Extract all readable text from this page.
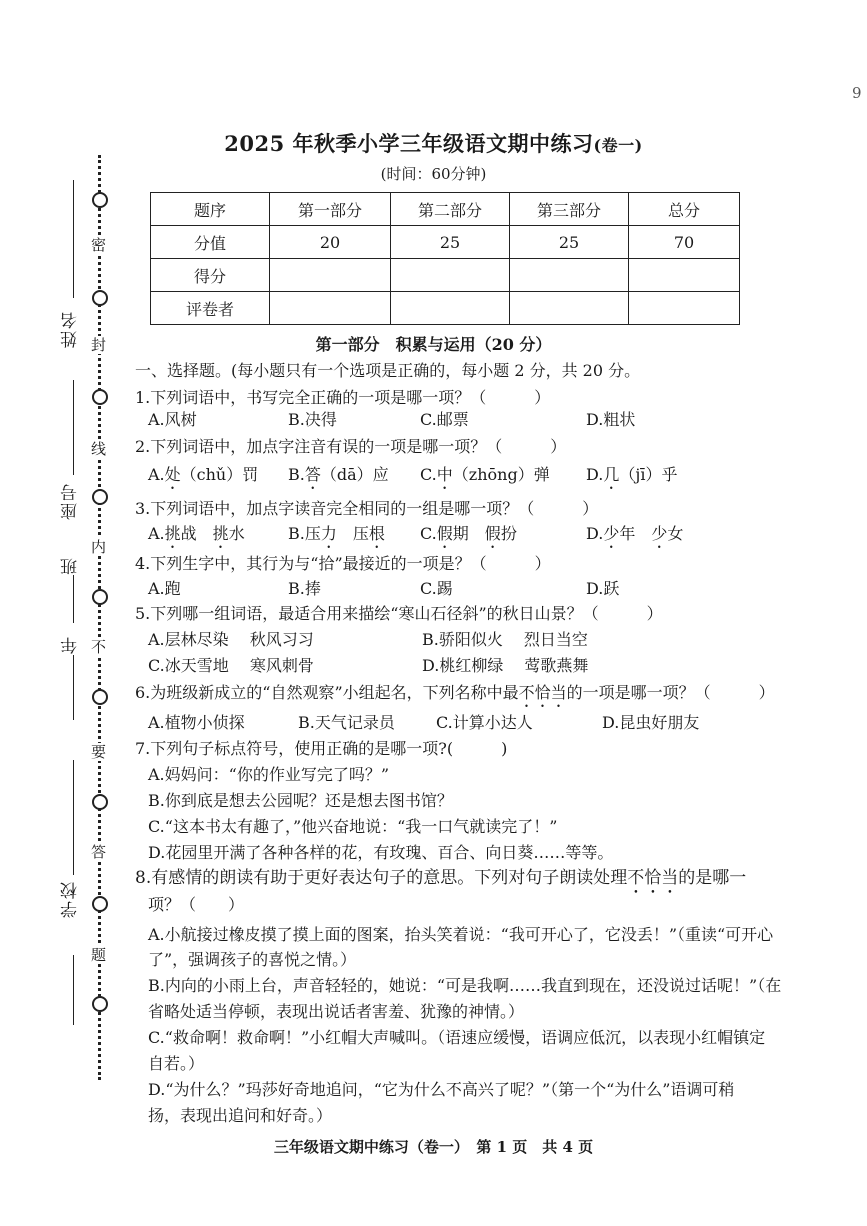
9
密
封
线
内
不
要
答
题
姓名
座号
班
年
学校
2025 年秋季小学三年级语文期中练习(卷一)
(时间：60分钟)
题序	第一部分	第二部分	第三部分	总分
分值	20	25	25	70
得分				
评卷者				
第一部分　积累与运用（20 分）
一、选择题。(每小题只有一个选项是正确的，每小题 2 分，共 20 分。
1.下列词语中，书写完全正确的一项是哪一项？（　　　）
A.风树	B.决得	C.邮票	D.粗状
2.下列词语中，加点字注音有误的一项是哪一项？（　　　）
A.处（chǔ）罚 B.答（dā）应 C.中（zhōng）弹 D.几（jī）乎
3.下列词语中，加点字读音完全相同的一组是哪一项？（　　　）
A.挑战　挑水	B.压力　压根 C.假期　假扮	D.少年　少女
4.下列生字中，其行为与“拾”最接近的一项是？（　　　）
A.跑	B.捧	C.踢	D.跃
5.下列哪一组词语，最适合用来描绘“寒山石径斜”的秋日山景？（　　　）
A.层林尽染　 秋风习习	B.骄阳似火　 烈日当空
C.冰天雪地　 寒风刺骨	D.桃红柳绿　 莺歌燕舞
6.为班级新成立的“自然观察”小组起名，下列名称中最不恰当的一项是哪一项？（　　　）
A.植物小侦探	B.天气记录员	C.计算小达人	D.昆虫好朋友
7.下列句子标点符号，使用正确的是哪一项?(　　　)
A.妈妈问：“你的作业写完了吗？”
B.你到底是想去公园呢？还是想去图书馆？
C.“这本书太有趣了，”他兴奋地说：“我一口气就读完了！”
D.花园里开满了各种各样的花，有玫瑰、百合、向日葵……等等。
8.有感情的朗读有助于更好表达句子的意思。下列对句子朗读处理不恰当的是哪一
项？（　　）
A.小航接过橡皮摸了摸上面的图案，抬头笑着说：“我可开心了，它没丢！”（重读“可开心
了”，强调孩子的喜悦之情。）
B.内向的小雨上台，声音轻轻的，她说：“可是我啊……我直到现在，还没说过话呢！”（在
省略处适当停顿，表现出说话者害羞、犹豫的神情。）
C.“救命啊！救命啊！”小红帽大声喊叫。（语速应缓慢，语调应低沉，以表现小红帽镇定
自若。）
D.“为什么？”玛莎好奇地追问，“它为什么不高兴了呢？”（第一个“为什么”语调可稍
扬，表现出追问和好奇。）
三年级语文期中练习（卷一）　第 1 页　共 4 页
